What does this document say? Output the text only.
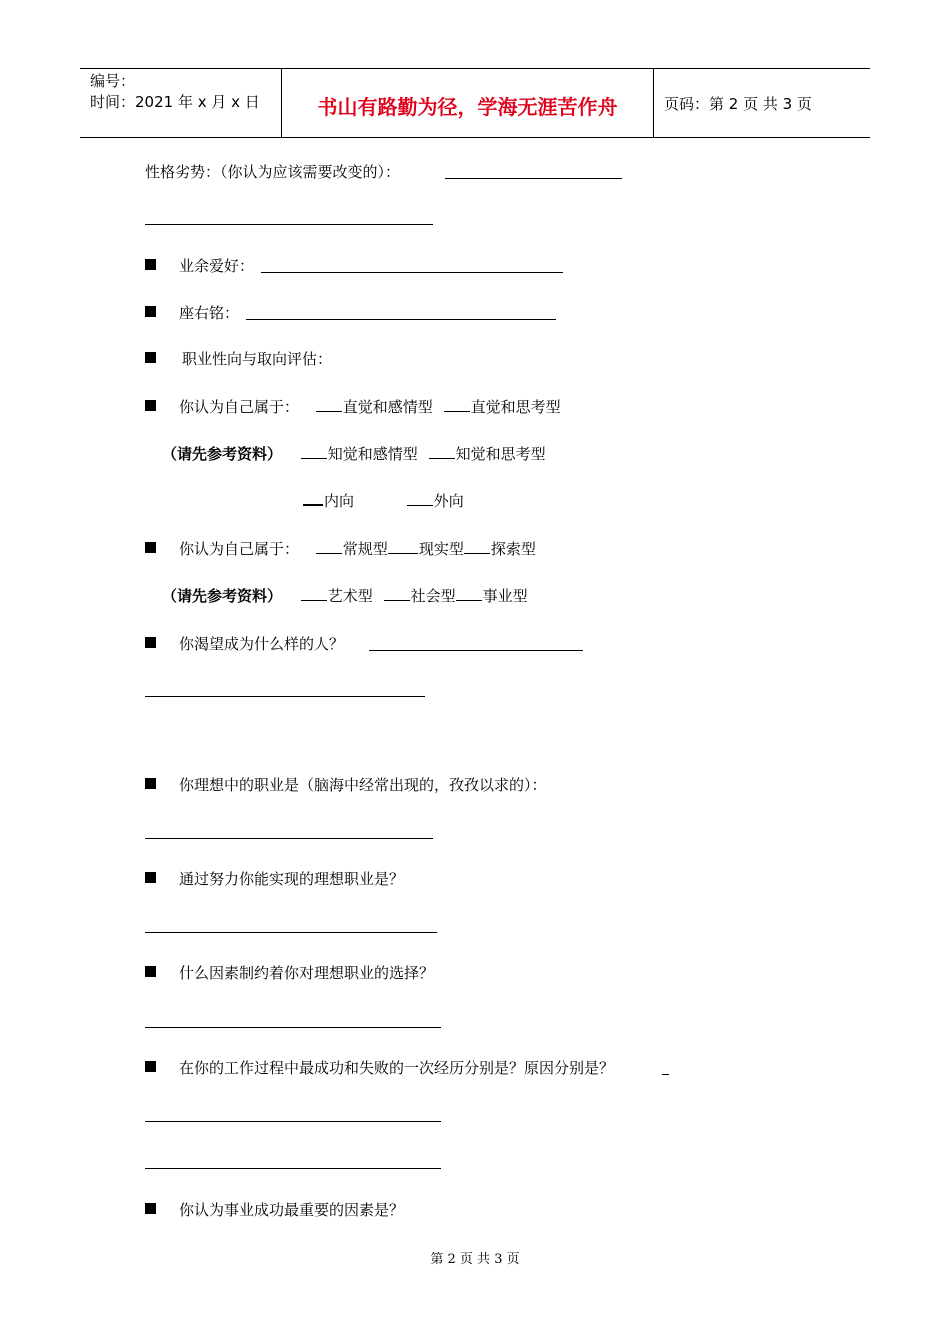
编号：
时间：2021 年 x 月 x 日	书山有路勤为径，学海无涯苦作舟	页码：第 2 页 共 3 页
性格劣势：（你认为应该需要改变的）：
业余爱好：
座右铭：
职业性向与取向评估：
你认为自己属于：	直觉和感情型	直觉和思考型
（请先参考资料）	知觉和感情型	知觉和思考型
内向	外向
你认为自己属于：	常规型 现实型 探索型
（请先参考资料）	艺术型	社会型 事业型
你渴望成为什么样的人？
你理想中的职业是（脑海中经常出现的，孜孜以求的）：
通过努力你能实现的理想职业是？
什么因素制约着你对理想职业的选择？
在你的工作过程中最成功和失败的一次经历分别是？原因分别是？
你认为事业成功最重要的因素是？
第 2 页 共 3 页
